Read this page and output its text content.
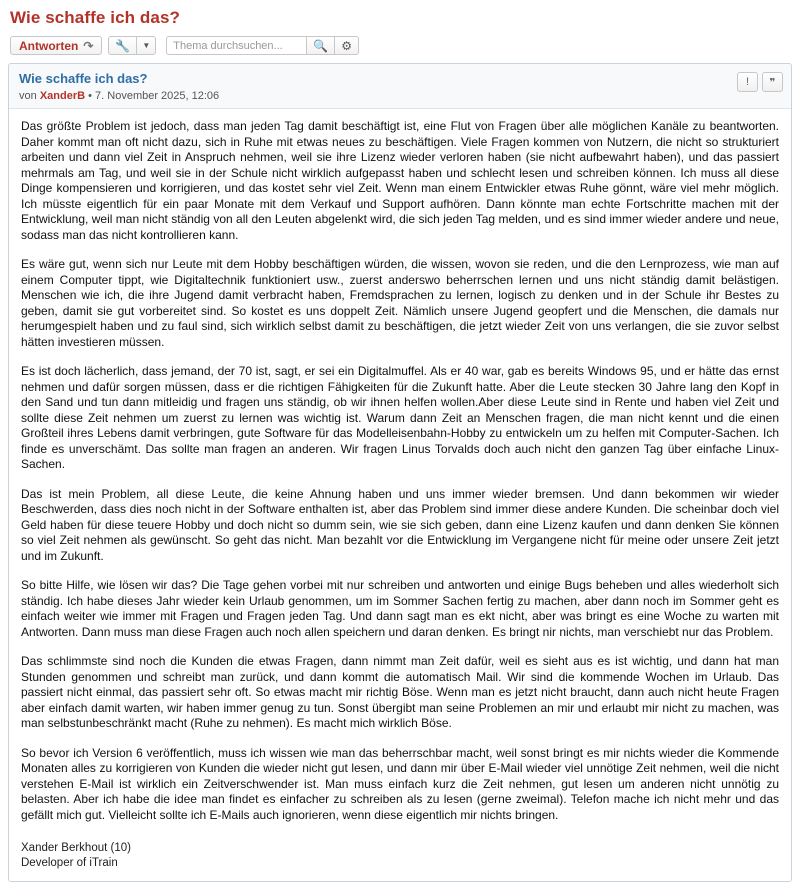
Wie schaffe ich das?
Antworten ↷	🔧	▼
Thema durchsuchen...	🔍	⚙
Wie schaffe ich das?
von XanderB • 7. November 2025, 12:06
!	❞

Das größte Problem ist jedoch, dass man jeden Tag damit beschäftigt ist, eine Flut von Fragen über alle möglichen Kanäle zu beantworten. Daher kommt man oft nicht dazu, sich in Ruhe mit etwas neues zu beschäftigen. Viele Fragen kommen von Nutzern, die nicht so strukturiert arbeiten und dann viel Zeit in Anspruch nehmen, weil sie ihre Lizenz wieder verloren haben (sie nicht aufbewahrt haben), und das passiert mehrmals am Tag, und weil sie in der Schule nicht wirklich aufgepasst haben und schlecht lesen und schreiben können. Ich muss all diese Dinge kompensieren und korrigieren, und das kostet sehr viel Zeit. Wenn man einem Entwickler etwas Ruhe gönnt, wäre viel mehr möglich. Ich müsste eigentlich für ein paar Monate mit dem Verkauf und Support aufhören. Dann könnte man echte Fortschritte machen mit der Entwicklung, weil man nicht ständig von all den Leuten abgelenkt wird, die sich jeden Tag melden, und es sind immer wieder andere und neue, sodass man das nicht kontrollieren kann.

Es wäre gut, wenn sich nur Leute mit dem Hobby beschäftigen würden, die wissen, wovon sie reden, und die den Lernprozess, wie man auf einem Computer tippt, wie Digitaltechnik funktioniert usw., zuerst anderswo beherrschen lernen und uns nicht ständig damit belästigen. Menschen wie ich, die ihre Jugend damit verbracht haben, Fremdsprachen zu lernen, logisch zu denken und in der Schule ihr Bestes zu geben, damit sie gut vorbereitet sind. So kostet es uns doppelt Zeit. Nämlich unsere Jugend geopfert und die Menschen, die damals nur herumgespielt haben und zu faul sind, sich wirklich selbst damit zu beschäftigen, die jetzt wieder Zeit von uns verlangen, die sie zuvor selbst hätten investieren müssen.

Es ist doch lächerlich, dass jemand, der 70 ist, sagt, er sei ein Digitalmuffel. Als er 40 war, gab es bereits Windows 95, und er hätte das ernst nehmen und dafür sorgen müssen, dass er die richtigen Fähigkeiten für die Zukunft hatte. Aber die Leute stecken 30 Jahre lang den Kopf in den Sand und tun dann mitleidig und fragen uns ständig, ob wir ihnen helfen wollen.Aber diese Leute sind in Rente und haben viel Zeit und sollte diese Zeit nehmen um zuerst zu lernen was wichtig ist. Warum dann Zeit an Menschen fragen, die man nicht kennt und die einen Großteil ihres Lebens damit verbringen, gute Software für das Modelleisenbahn-Hobby zu entwickeln um zu helfen mit Computer-Sachen. Ich finde es unverschämt. Das sollte man fragen an anderen. Wir fragen Linus Torvalds doch auch nicht den ganzen Tag über einfache Linux-Sachen.

Das ist mein Problem, all diese Leute, die keine Ahnung haben und uns immer wieder bremsen. Und dann bekommen wir wieder Beschwerden, dass dies noch nicht in der Software enthalten ist, aber das Problem sind immer diese andere Kunden. Die scheinbar doch viel Geld haben für diese teuere Hobby und doch nicht so dumm sein, wie sie sich geben, dann eine Lizenz kaufen und dann denken Sie können so viel Zeit nehmen als gewünscht. So geht das nicht. Man bezahlt vor die Entwicklung im Vergangene nicht für meine oder unsere Zeit jetzt und im Zukunft.

So bitte Hilfe, wie lösen wir das? Die Tage gehen vorbei mit nur schreiben und antworten und einige Bugs beheben und alles wiederholt sich ständig. Ich habe dieses Jahr wieder kein Urlaub genommen, um im Sommer Sachen fertig zu machen, aber dann noch im Sommer geht es einfach weiter wie immer mit Fragen und Fragen jeden Tag. Und dann sagt man es ekt nicht, aber was bringt es eine Woche zu warten mit Antworten. Dann muss man diese Fragen auch noch allen speichern und daran denken. Es bringt nir nichts, man verschiebt nur das Problem.

Das schlimmste sind noch die Kunden die etwas Fragen, dann nimmt man Zeit dafür, weil es sieht aus es ist wichtig, und dann hat man Stunden genommen und schreibt man zurück, und dann kommt die automatisch Mail. Wir sind die kommende Wochen im Urlaub. Das passiert nicht einmal, das passiert sehr oft. So etwas macht mir richtig Böse. Wenn man es jetzt nicht braucht, dann auch nicht heute Fragen aber einfach damit warten, wir haben immer genug zu tun. Sonst übergibt man seine Problemen an mir und erlaubt mir nicht zu machen, was man selbstunbeschränkt macht (Ruhe zu nehmen). Es macht mich wirklich Böse.

So bevor ich Version 6 veröffentlich, muss ich wissen wie man das beherrschbar macht, weil sonst bringt es mir nichts wieder die Kommende Monaten alles zu korrigieren von Kunden die wieder nicht gut lesen, und dann mir über E-Mail wieder viel unnötige Zeit nehmen, weil die nicht verstehen E-Mail ist wirklich ein Zeitverschwender ist. Man muss einfach kurz die Zeit nehmen, gut lesen um anderen nicht unnötig zu belasten. Aber ich habe die idee man findet es einfacher zu schreiben als zu lesen (gerne zweimal). Telefon mache ich nicht mehr und das gefällt mich gut. Vielleicht sollte ich E-Mails auch ignorieren, wenn diese eigentlich mir nichts bringen.

Xander Berkhout (10)
Developer of iTrain
